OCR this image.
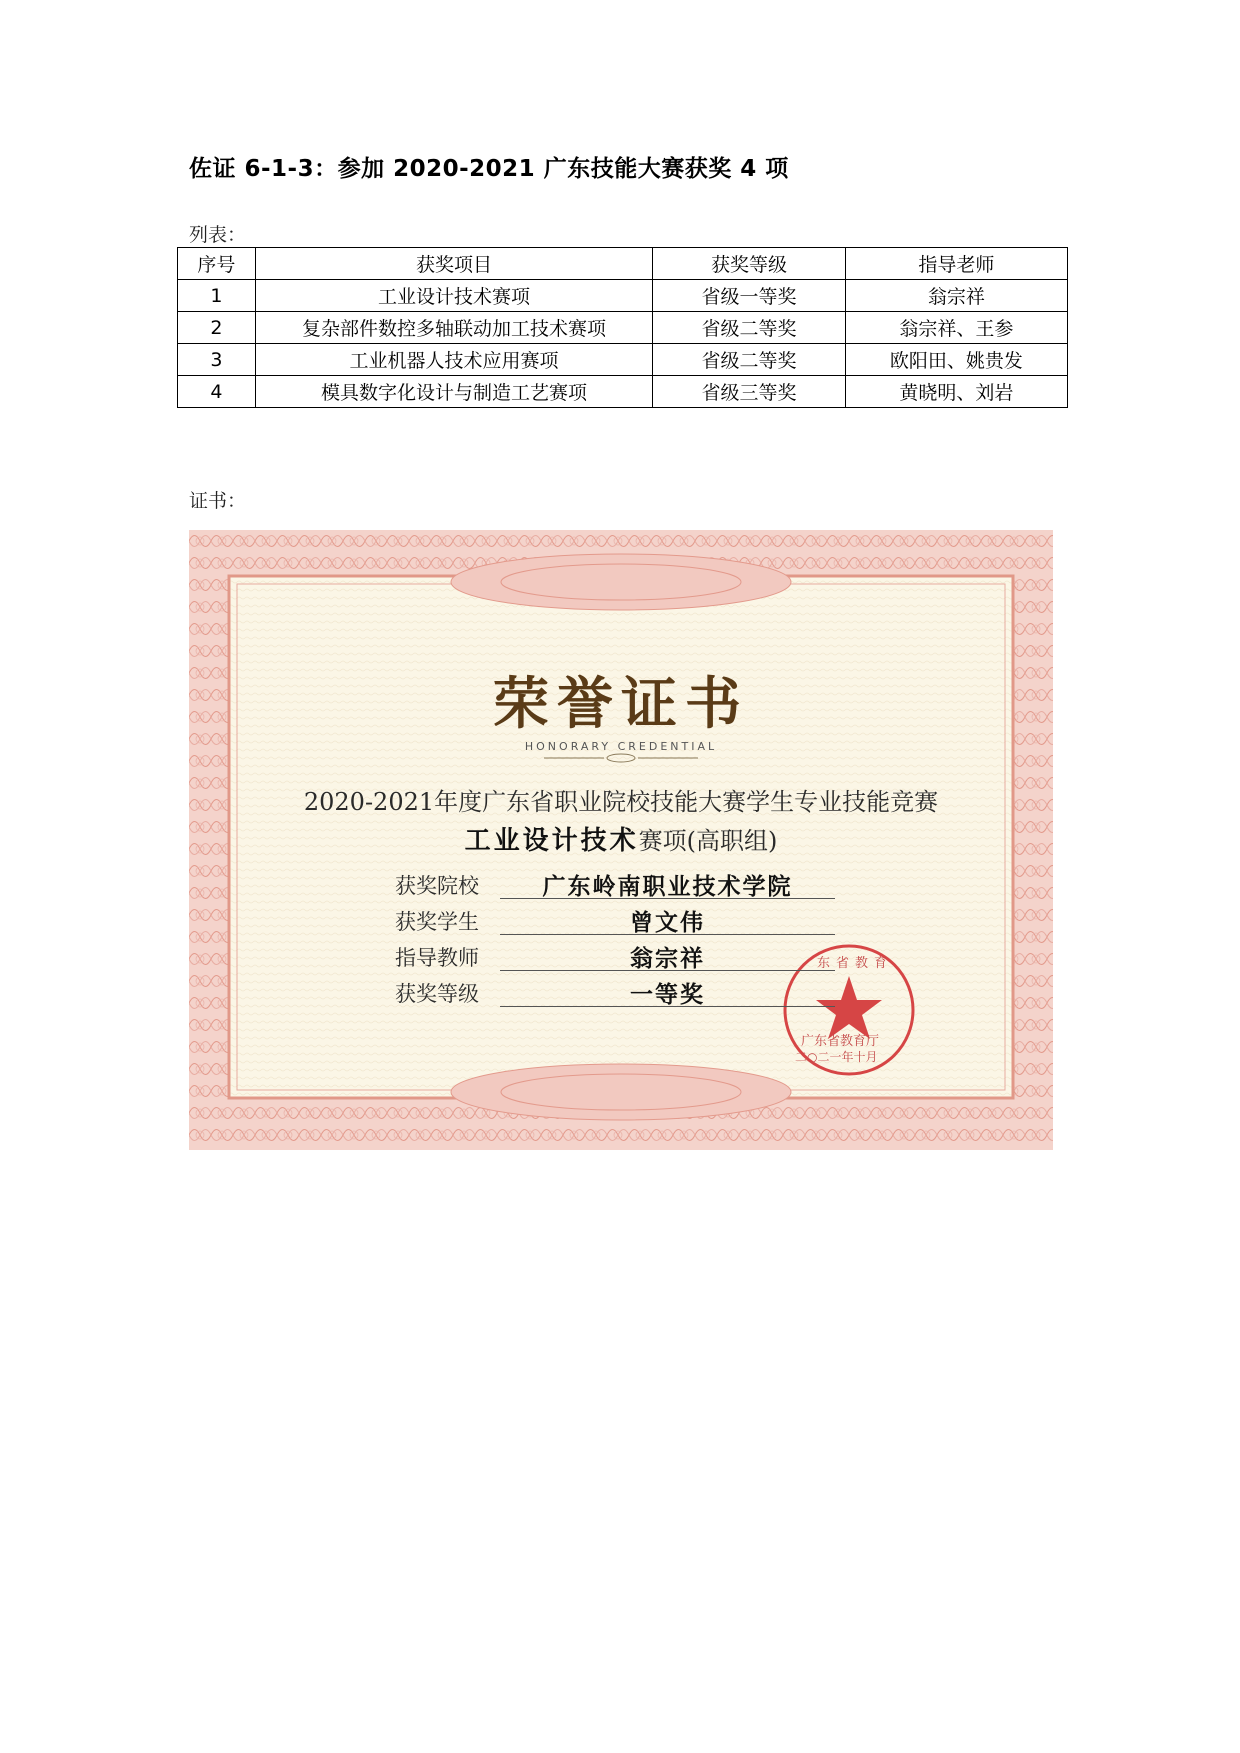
佐证 6-1-3：参加 2020-2021 广东技能大赛获奖 4 项
列表：
序号	获奖项目	获奖等级	指导老师
1	工业设计技术赛项	省级一等奖	翁宗祥
2	复杂部件数控多轴联动加工技术赛项	省级二等奖	翁宗祥、王参
3	工业机器人技术应用赛项	省级二等奖	欧阳田、姚贵发
4	模具数字化设计与制造工艺赛项	省级三等奖	黄晓明、刘岩
证书：
荣誉证书
HONORARY CREDENTIAL
2020-2021年度广东省职业院校技能大赛学生专业技能竞赛
工业设计技术赛项(高职组)
获奖院校	广东岭南职业技术学院
获奖学生	曾文伟
指导教师	翁宗祥
获奖等级	一等奖
东省教育
广东省教育厅
二○二一年十月
